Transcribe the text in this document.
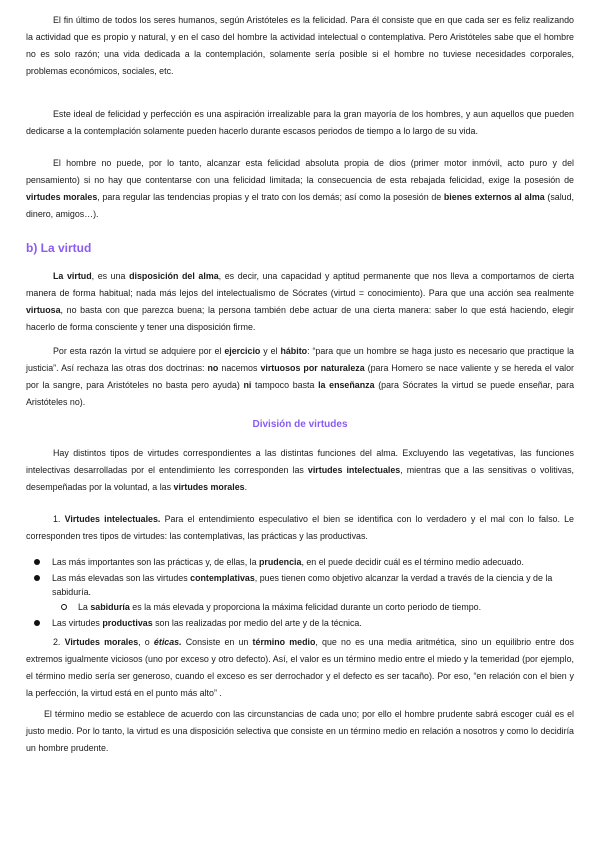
El fin último de todos los seres humanos, según Aristóteles es la felicidad. Para él consiste que en que cada ser es feliz realizando la actividad que es propio y natural, y en el caso del hombre la actividad intelectual o contemplativa. Pero Aristóteles sabe que el hombre no es solo razón; una vida dedicada a la contemplación, solamente sería posible si el hombre no tuviese necesidades corporales, problemas económicos, sociales, etc.

Este ideal de felicidad y perfección es una aspiración irrealizable para la gran mayoría de los hombres, y aun aquellos que pueden dedicarse a la contemplación solamente pueden hacerlo durante escasos periodos de tiempo a lo largo de su vida.

El hombre no puede, por lo tanto, alcanzar esta felicidad absoluta propia de dios (primer motor inmóvil, acto puro y del pensamiento) si no hay que contentarse con una felicidad limitada; la consecuencia de esta rebajada felicidad, exige la posesión de virtudes morales, para regular las tendencias propias y el trato con los demás; así como la posesión de bienes externos al alma (salud, dinero, amigos…).

b) La virtud

La virtud, es una disposición del alma, es decir, una capacidad y aptitud permanente que nos lleva a comportarnos de cierta manera de forma habitual; nada más lejos del intelectualismo de Sócrates (virtud = conocimiento). Para que una acción sea realmente virtuosa, no basta con que parezca buena; la persona también debe actuar de una cierta manera: saber lo que está haciendo, elegir hacerlo de forma consciente y tener una disposición firme.

Por esta razón la virtud se adquiere por el ejercicio y el hábito: “para que un hombre se haga justo es necesario que practique la justicia”. Así rechaza las otras dos doctrinas: no nacemos virtuosos por naturaleza (para Homero se nace valiente y se hereda el valor por la sangre, para Aristóteles no basta pero ayuda) ni tampoco basta la enseñanza (para Sócrates la virtud se puede enseñar, para Aristóteles no).

División de virtudes

Hay distintos tipos de virtudes correspondientes a las distintas funciones del alma. Excluyendo las vegetativas, las funciones intelectivas desarrolladas por el entendimiento les corresponden las virtudes intelectuales, mientras que a las sensitivas o volitivas, desempeñadas por la voluntad, a las virtudes morales.

1. Virtudes intelectuales. Para el entendimiento especulativo el bien se identifica con lo verdadero y el mal con lo falso. Le corresponden tres tipos de virtudes: las contemplativas, las prácticas y las productivas.

Las más importantes son las prácticas y, de ellas, la prudencia, en el puede decidir cuál es el término medio adecuado.
Las más elevadas son las virtudes contemplativas, pues tienen como objetivo alcanzar la verdad a través de la ciencia y de la sabiduría.
La sabiduría es la más elevada y proporciona la máxima felicidad durante un corto periodo de tiempo.
Las virtudes productivas son las realizadas por medio del arte y de la técnica.

2. Virtudes morales, o éticas. Consiste en un término medio, que no es una media aritmética, sino un equilibrio entre dos extremos igualmente viciosos (uno por exceso y otro defecto). Así, el valor es un término medio entre el miedo y la temeridad (por ejemplo, el término medio sería ser generoso, cuando el exceso es ser derrochador y el defecto es ser tacaño). Por eso, “en relación con el bien y la perfección, la virtud está en el punto más alto” .

El término medio se establece de acuerdo con las circunstancias de cada uno; por ello el hombre prudente sabrá escoger cuál es el justo medio. Por lo tanto, la virtud es una disposición selectiva que consiste en un término medio en relación a nosotros y como lo decidiría un hombre prudente.
